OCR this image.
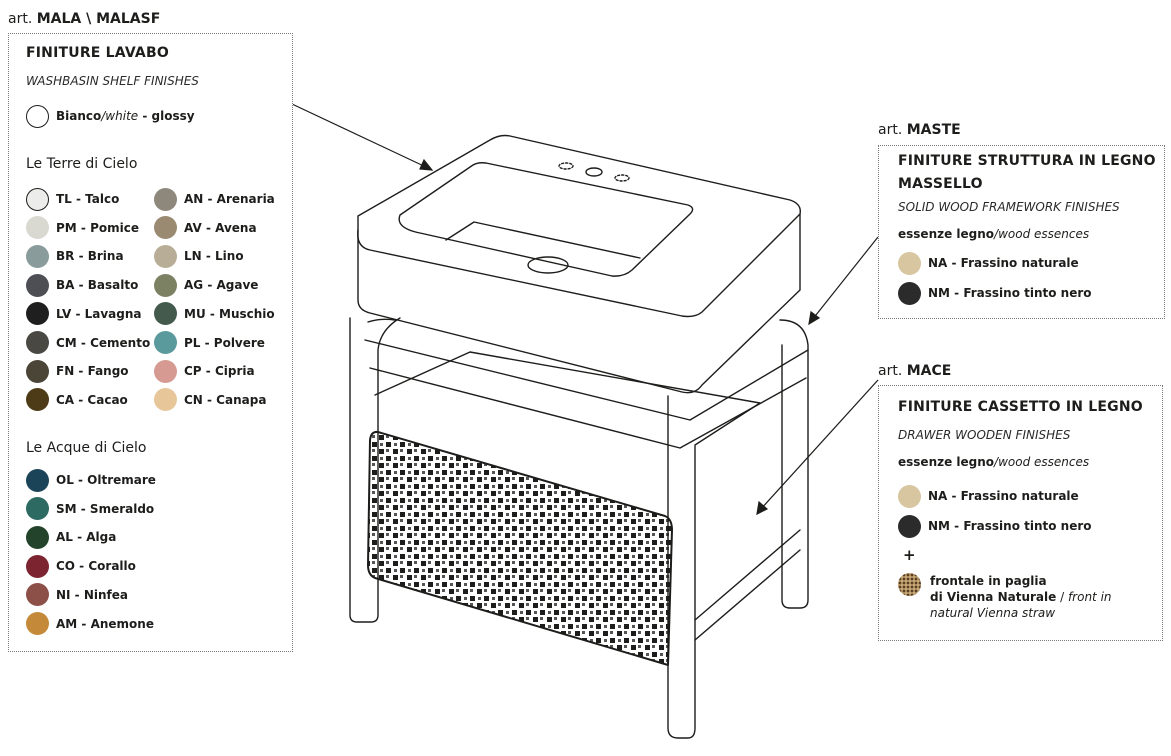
art. MALA \ MALASF
FINITURE LAVABO
WASHBASIN SHELF FINISHES
Bianco/white - glossy
Le Terre di Cielo
TL - Talco
PM - Pomice
BR - Brina
BA - Basalto
LV - Lavagna
CM - Cemento
FN - Fango
CA - Cacao
AN - Arenaria
AV - Avena
LN - Lino
AG - Agave
MU - Muschio
PL - Polvere
CP - Cipria
CN - Canapa
Le Acque di Cielo
OL - Oltremare
SM - Smeraldo
AL - Alga
CO - Corallo
NI - Ninfea
AM - Anemone
art. MASTE
FINITURE STRUTTURA IN LEGNO
MASSELLO
SOLID WOOD FRAMEWORK FINISHES
essenze legno/wood essences
NA - Frassino naturale
NM - Frassino tinto nero
art. MACE
FINITURE CASSETTO IN LEGNO
DRAWER WOODEN FINISHES
essenze legno/wood essences
NA - Frassino naturale
NM - Frassino tinto nero
+
frontale in paglia
di Vienna Naturale / front in
natural Vienna straw
